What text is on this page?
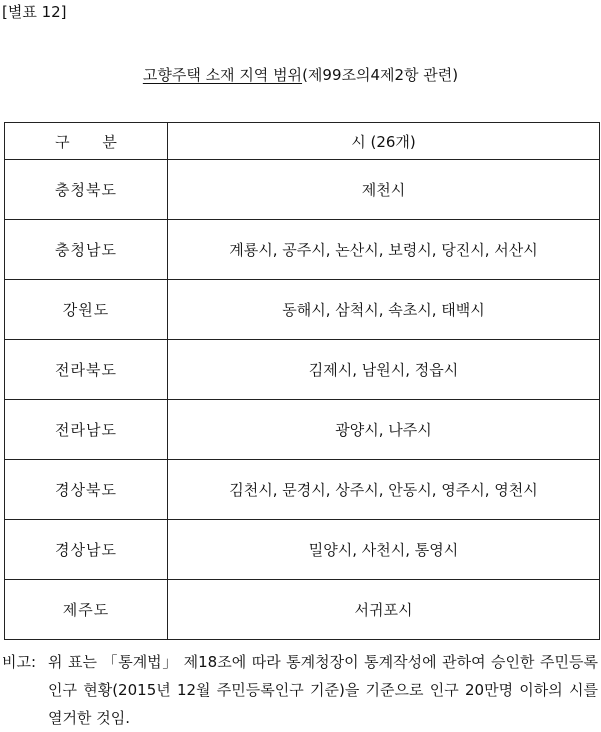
[별표 12]
고향주택 소재 지역 범위(제99조의4제2항 관련)
구 분	시 (26개)
충청북도	제천시
충청남도	계룡시, 공주시, 논산시, 보령시, 당진시, 서산시
강원도	동해시, 삼척시, 속초시, 태백시
전라북도	김제시, 남원시, 정읍시
전라남도	광양시, 나주시
경상북도	김천시, 문경시, 상주시, 안동시, 영주시, 영천시
경상남도	밀양시, 사천시, 통영시
제주도	서귀포시
비고: 위 표는 「통계법」 제18조에 따라 통계청장이 통계작성에 관하여 승인한 주민등록인구 현황(2015년 12월 주민등록인구 기준)을 기준으로 인구 20만명 이하의 시를 열거한 것임.
